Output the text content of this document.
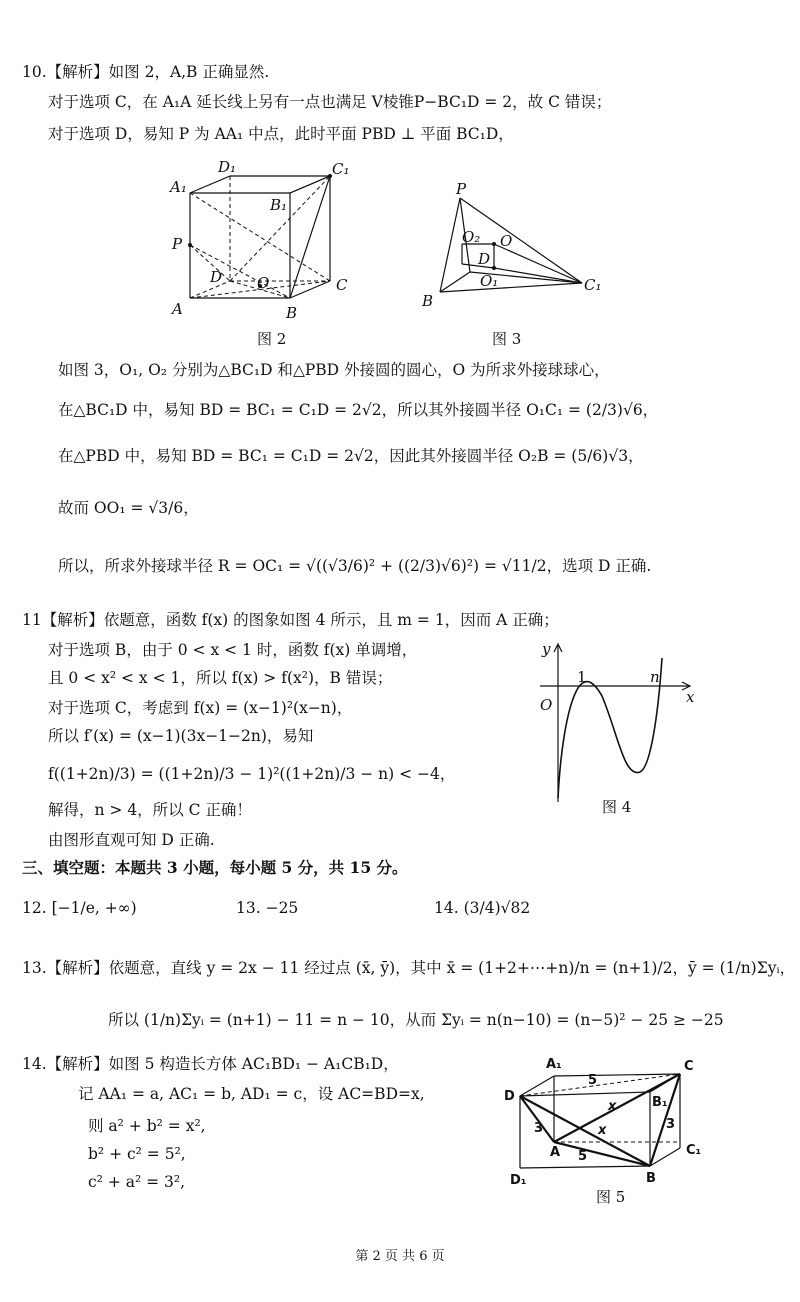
10.【解析】如图 2，A,B 正确显然.
对于选项 C，在 A₁A 延长线上另有一点也满足 V棱锥P−BC₁D = 2，故 C 错误；
对于选项 D，易知 P 为 AA₁ 中点，此时平面 PBD ⊥ 平面 BC₁D，
D₁	C₁
A₁
B₁
P
D O	C
A	B
图 2
P
O₂ O
D
O₁
B
C₁
图 3
如图 3，O₁, O₂ 分别为△BC₁D 和△PBD 外接圆的圆心，O 为所求外接球球心，
在△BC₁D 中，易知 BD = BC₁ = C₁D = 2√2，所以其外接圆半径 O₁C₁ = (2/3)√6，
在△PBD 中，易知 BD = BC₁ = C₁D = 2√2，因此其外接圆半径 O₂B = (5/6)√3，
故而 OO₁ = √3/6，
所以，所求外接球半径 R = OC₁ = √((√3/6)² + ((2/3)√6)²) = √11/2，选项 D 正确.
11【解析】依题意，函数 f(x) 的图象如图 4 所示，且 m = 1，因而 A 正确；
对于选项 B，由于 0 < x < 1 时，函数 f(x) 单调增，
且 0 < x² < x < 1，所以 f(x) > f(x²)，B 错误；
对于选项 C，考虑到 f(x) = (x−1)²(x−n)，
所以 f′(x) = (x−1)(3x−1−2n)，易知
f((1+2n)/3) = ((1+2n)/3 − 1)²((1+2n)/3 − n) < −4，
解得，n > 4，所以 C 正确！
由图形直观可知 D 正确.
y
x
O
1	n
图 4
三、填空题：本题共 3 小题，每小题 5 分，共 15 分。
12. [−1/e, +∞)	13. −25	14. (3/4)√82
13.【解析】依题意，直线 y = 2x − 11 经过点 (x̄, ȳ)，其中 x̄ = (1+2+⋯+n)/n = (n+1)/2，ȳ = (1/n)Σyᵢ，
所以 (1/n)Σyᵢ = (n+1) − 11 = n − 10，从而 Σyᵢ = n(n−10) = (n−5)² − 25 ≥ −25
14.【解析】如图 5 构造长方体 AC₁BD₁ − A₁CB₁D，
记 AA₁ = a, AC₁ = b, AD₁ = c，设 AC=BD=x,
则 a² + b² = x²,
b² + c² = 5²,
c² + a² = 3²,
A₁	C
D	B₁
A	C₁
D₁	B
5
5
3	3
x
x
图 5
第 2 页 共 6 页
